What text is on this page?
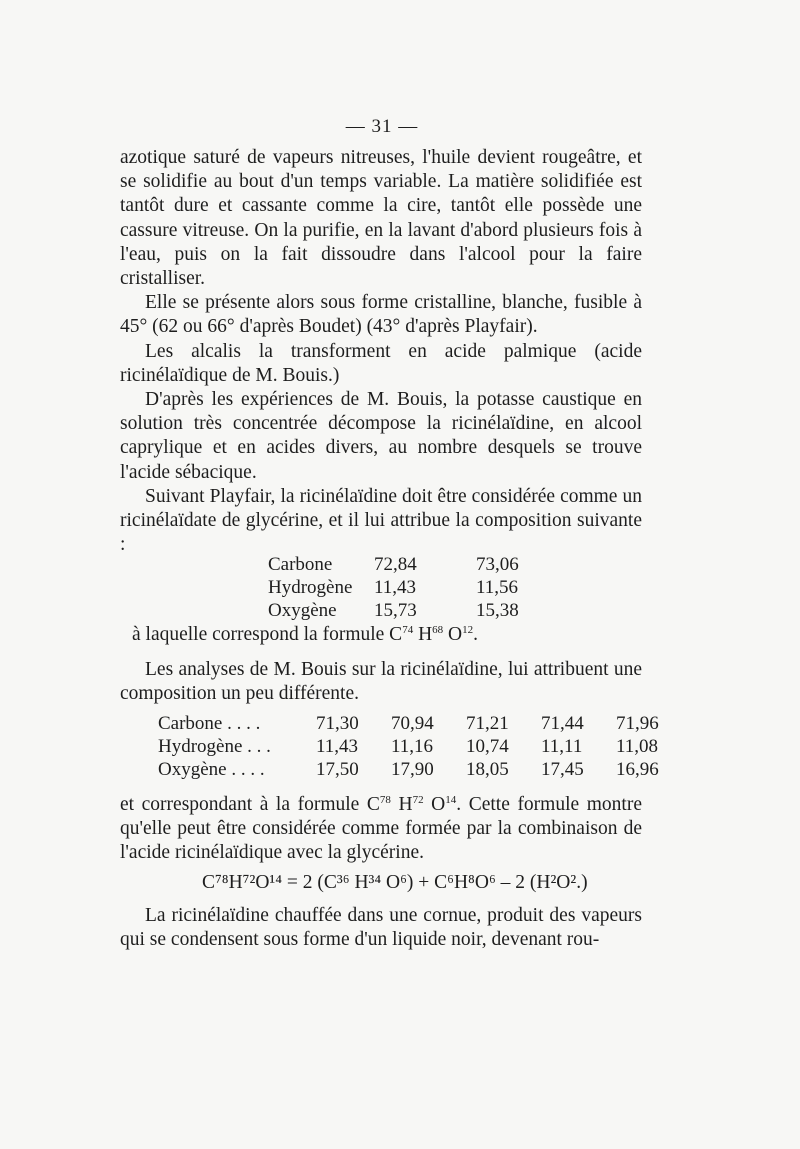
— 31 —

azotique saturé de vapeurs nitreuses, l'huile devient rougeâtre, et se solidifie au bout d'un temps variable. La matière solidifiée est tantôt dure et cassante comme la cire, tantôt elle possède une cassure vitreuse. On la purifie, en la lavant d'abord plusieurs fois à l'eau, puis on la fait dissoudre dans l'alcool pour la faire cristalliser.

Elle se présente alors sous forme cristalline, blanche, fusible à 45° (62 ou 66° d'après Boudet) (43° d'après Playfair).

Les alcalis la transforment en acide palmique (acide ricinélaïdique de M. Bouis.)

D'après les expériences de M. Bouis, la potasse caustique en solution très concentrée décompose la ricinélaïdine, en alcool caprylique et en acides divers, au nombre desquels se trouve l'acide sébacique.

Suivant Playfair, la ricinélaïdine doit être considérée comme un ricinélaïdate de glycérine, et il lui attribue la composition suivante :

Carbone	72,84	73,06
Hydrogène	11,43	11,56
Oxygène	15,73	15,38
à laquelle correspond la formule $C^{74}$ $H^{68}$ $O^{12}$.

Les analyses de M. Bouis sur la ricinélaïdine, lui attribuent une composition un peu différente.

Carbone . . . .	71,30	70,94	71,21	71,44	71,96
Hydrogène . . .	11,43	11,16	10,74	11,11	11,08
Oxygène . . . .	17,50	17,90	18,05	17,45	16,96

et correspondant à la formule $C^{78}$ $H^{72}$ $O^{14}$. Cette formule montre qu'elle peut être considérée comme formée par la combinaison de l'acide ricinélaïdique avec la glycérine.

C⁷⁸H⁷²O¹⁴ = 2 (C³⁶ H³⁴ O⁶) + C⁶H⁸O⁶ – 2 (H²O².)

La ricinélaïdine chauffée dans une cornue, produit des vapeurs qui se condensent sous forme d'un liquide noir, devenant rou-
